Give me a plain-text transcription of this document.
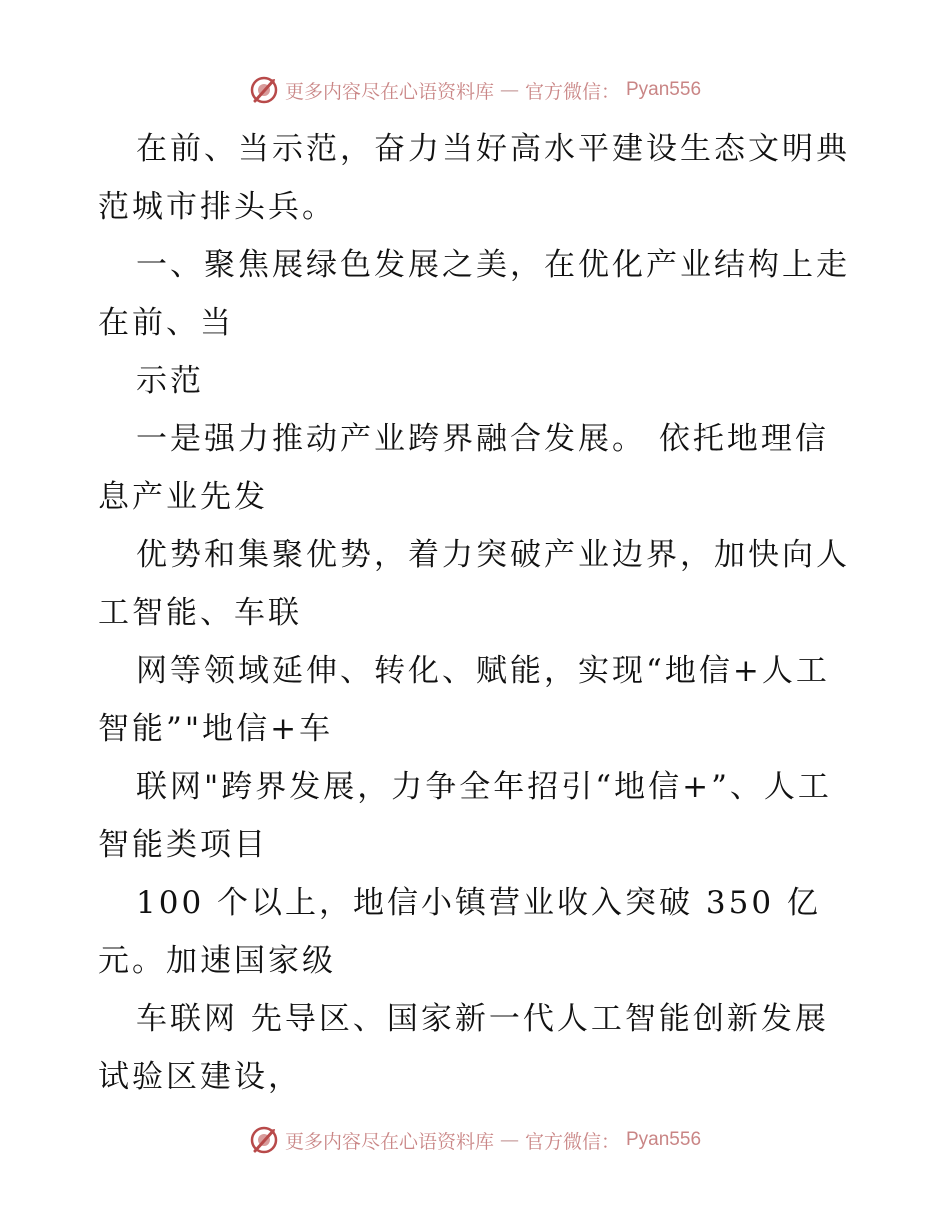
更多内容尽在心语资料库 — 官方微信： Pyan556
在前、当示范，奋力当好高水平建设生态文明典
范城市排头兵。
一、聚焦展绿色发展之美，在优化产业结构上走
在前、当
示范
一是强力推动产业跨界融合发展。 依托地理信
息产业先发
优势和集聚优势，着力突破产业边界，加快向人
工智能、车联
网等领域延伸、转化、赋能，实现“地信+人工
智能”"地信+车
联网"跨界发展，力争全年招引“地信+”、人工
智能类项目
100 个以上，地信小镇营业收入突破 350 亿
元。加速国家级
车联网 先导区、国家新一代人工智能创新发展
试验区建设，
更多内容尽在心语资料库 — 官方微信： Pyan556
